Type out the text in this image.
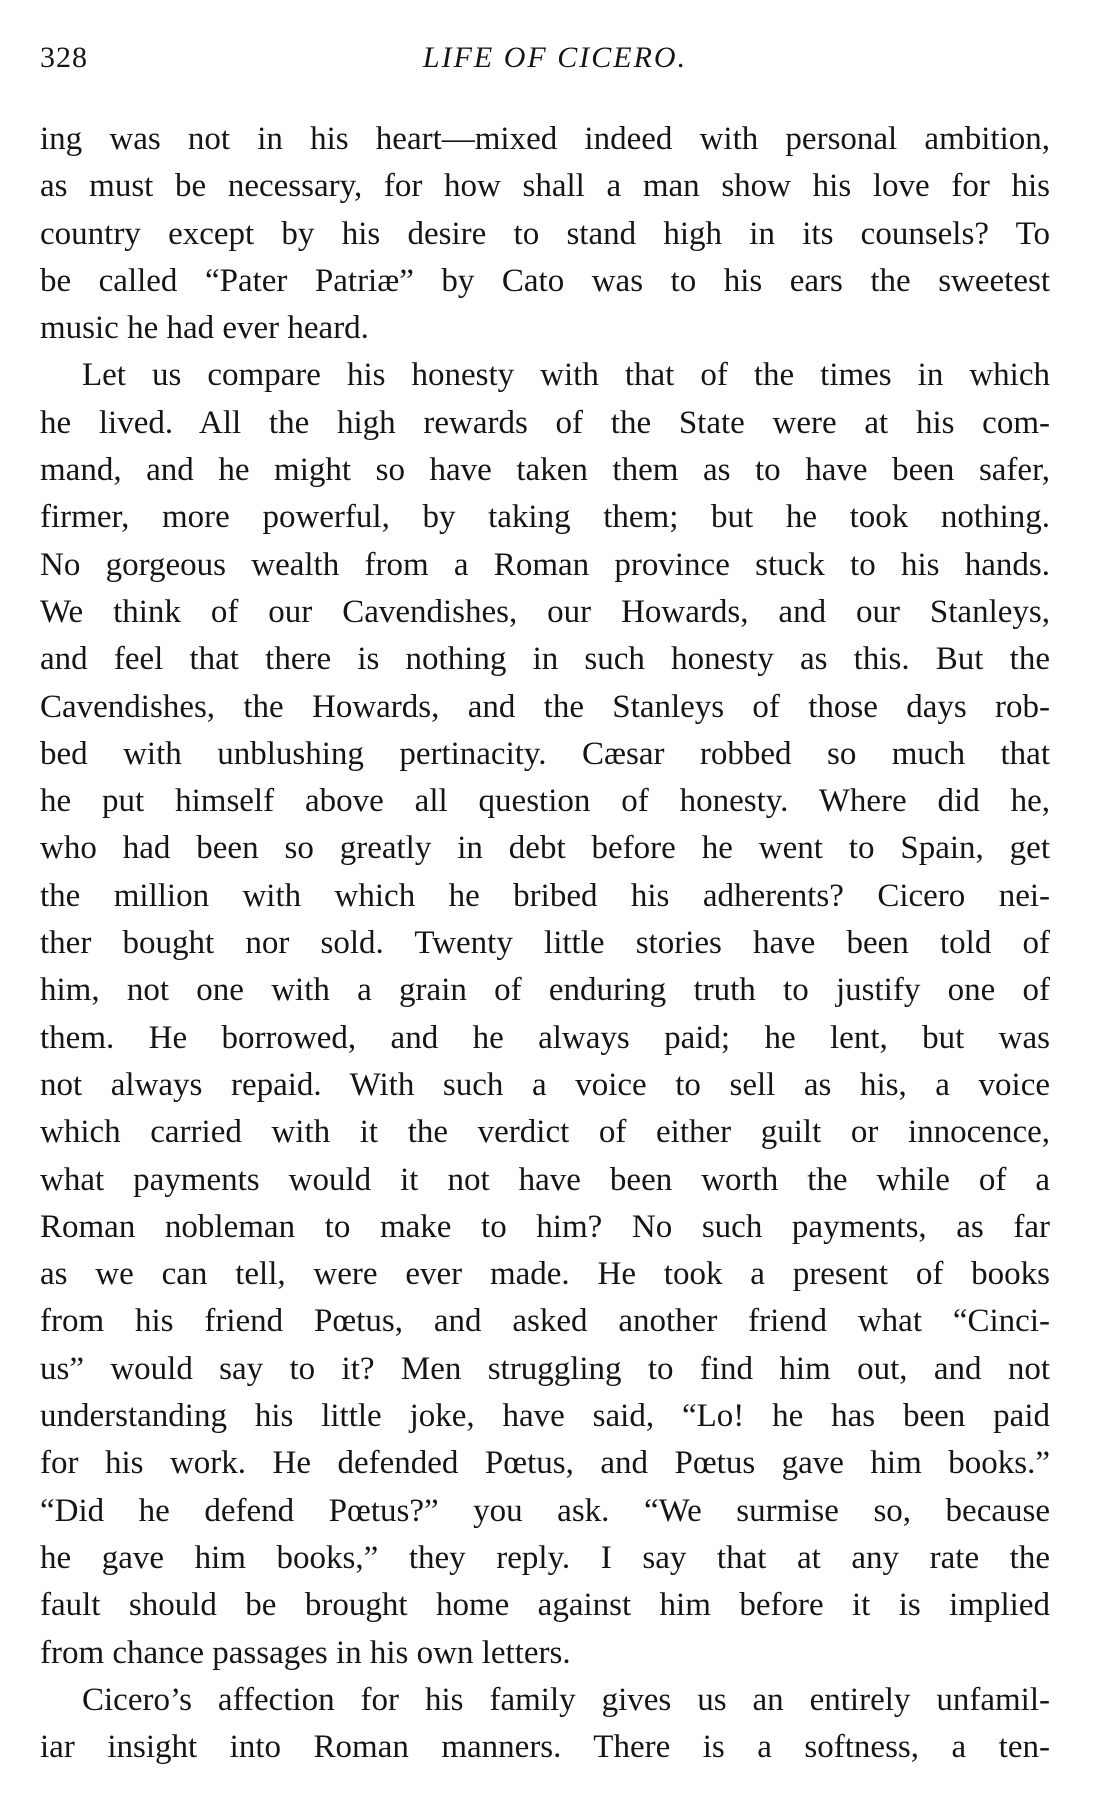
328	LIFE OF CICERO.
ing was not in his heart—mixed indeed with personal ambition,
as must be necessary, for how shall a man show his love for his
country except by his desire to stand high in its counsels? To
be called “Pater Patriæ” by Cato was to his ears the sweetest
music he had ever heard.
Let us compare his honesty with that of the times in which
he lived. All the high rewards of the State were at his com-
mand, and he might so have taken them as to have been safer,
firmer, more powerful, by taking them; but he took nothing.
No gorgeous wealth from a Roman province stuck to his hands.
We think of our Cavendishes, our Howards, and our Stanleys,
and feel that there is nothing in such honesty as this. But the
Cavendishes, the Howards, and the Stanleys of those days rob-
bed with unblushing pertinacity. Cæsar robbed so much that
he put himself above all question of honesty. Where did he,
who had been so greatly in debt before he went to Spain, get
the million with which he bribed his adherents? Cicero nei-
ther bought nor sold. Twenty little stories have been told of
him, not one with a grain of enduring truth to justify one of
them. He borrowed, and he always paid; he lent, but was
not always repaid. With such a voice to sell as his, a voice
which carried with it the verdict of either guilt or innocence,
what payments would it not have been worth the while of a
Roman nobleman to make to him? No such payments, as far
as we can tell, were ever made. He took a present of books
from his friend Pœtus, and asked another friend what “Cinci-
us” would say to it? Men struggling to find him out, and not
understanding his little joke, have said, “Lo! he has been paid
for his work. He defended Pœtus, and Pœtus gave him books.”
“Did he defend Pœtus?” you ask. “We surmise so, because
he gave him books,” they reply. I say that at any rate the
fault should be brought home against him before it is implied
from chance passages in his own letters.
Cicero’s affection for his family gives us an entirely unfamil-
iar insight into Roman manners. There is a softness, a ten-
